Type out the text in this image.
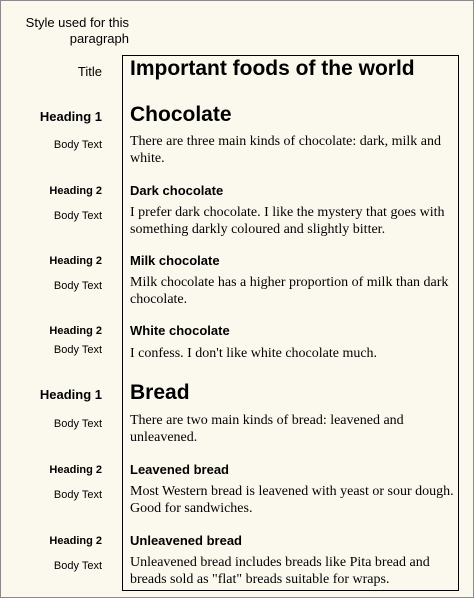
Style used for this paragraph
Title Important foods of the world
Heading 1 Chocolate
Body Text There are three main kinds of chocolate: dark, milk and white.
Heading 2 Dark chocolate
Body Text I prefer dark chocolate. I like the mystery that goes with something darkly coloured and slightly bitter.
Heading 2 Milk chocolate
Body Text Milk chocolate has a higher proportion of milk than dark chocolate.
Heading 2 White chocolate
Body Text I confess. I don't like white chocolate much.
Heading 1 Bread
Body Text There are two main kinds of bread: leavened and unleavened.
Heading 2 Leavened bread
Body Text Most Western bread is leavened with yeast or sour dough. Good for sandwiches.
Heading 2 Unleavened bread
Body Text Unleavened bread includes breads like Pita bread and breads sold as "flat" breads suitable for wraps.
